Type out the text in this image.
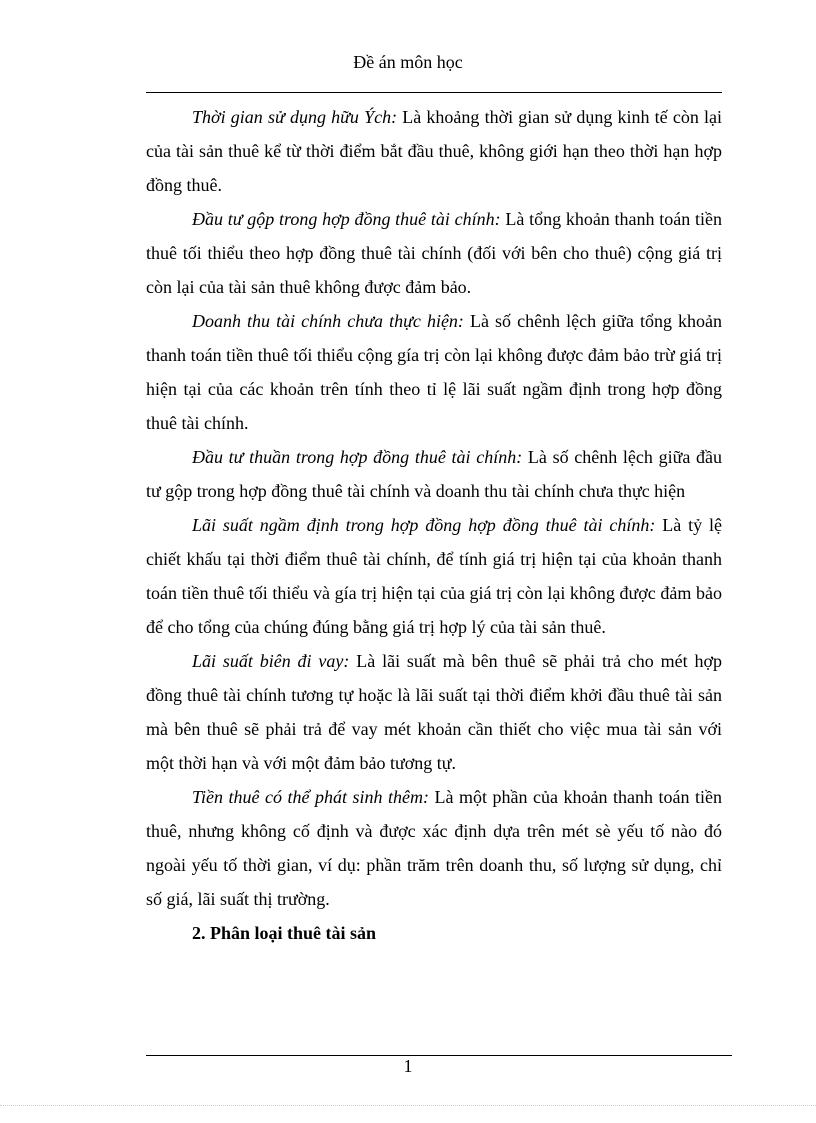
Đề án môn học

Thời gian sử dụng hữu Ých: Là khoảng thời gian sử dụng kinh tế còn lại của tài sản thuê kể từ thời điểm bắt đầu thuê, không giới hạn theo thời hạn hợp đồng thuê.

Đầu tư gộp trong hợp đồng thuê tài chính: Là tổng khoản thanh toán tiền thuê tối thiểu theo hợp đồng thuê tài chính (đối với bên cho thuê) cộng giá trị còn lại của tài sản thuê không được đảm bảo.

Doanh thu tài chính chưa thực hiện: Là số chênh lệch giữa tổng khoản thanh toán tiền thuê tối thiểu cộng gía trị còn lại không được đảm bảo trừ giá trị hiện tại của các khoản trên tính theo tỉ lệ lãi suất ngầm định trong hợp đồng thuê tài chính.

Đầu tư thuần trong hợp đồng thuê tài chính: Là số chênh lệch giữa đầu tư gộp trong hợp đồng thuê tài chính và doanh thu tài chính chưa thực hiện

Lãi suất ngầm định trong hợp đồng hợp đồng thuê tài chính: Là tỷ lệ chiết khấu tại thời điểm thuê tài chính, để tính giá trị hiện tại của khoản thanh toán tiền thuê tối thiểu và gía trị hiện tại của giá trị còn lại không được đảm bảo để cho tổng của chúng đúng bằng giá trị hợp lý của tài sản thuê.

Lãi suất biên đi vay: Là lãi suất mà bên thuê sẽ phải trả cho mét hợp đồng thuê tài chính tương tự hoặc là lãi suất tại thời điểm khởi đầu thuê tài sản mà bên thuê sẽ phải trả để vay mét khoản cần thiết cho việc mua tài sản với một thời hạn và với một đảm bảo tương tự.

Tiền thuê có thể phát sinh thêm: Là một phần của khoản thanh toán tiền thuê, nhưng không cố định và được xác định dựa trên mét sè yếu tố nào đó ngoài yếu tố thời gian, ví dụ: phần trăm trên doanh thu, số lượng sử dụng, chỉ số giá, lãi suất thị trường.

2. Phân loại thuê tài sản

1
